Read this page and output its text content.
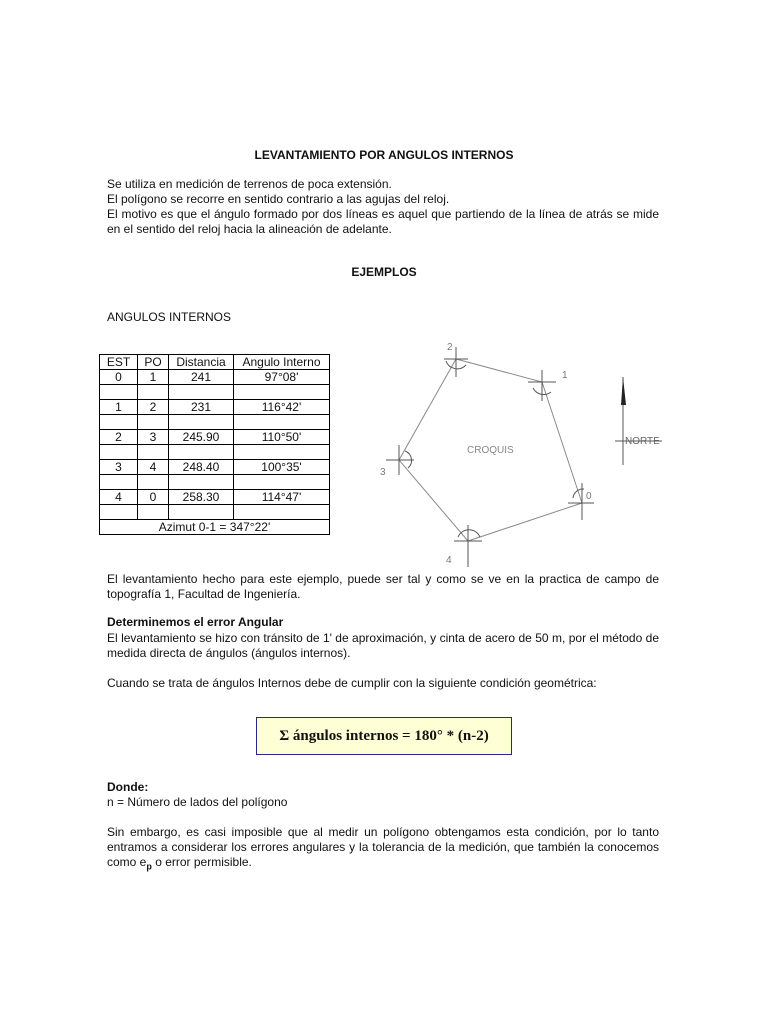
LEVANTAMIENTO POR ANGULOS INTERNOS
Se utiliza en medición de terrenos de poca extensión.
El polígono se recorre en sentido contrario a las agujas del reloj.
El motivo es que el ángulo formado por dos líneas es aquel que partiendo de la línea de atrás se mide en el sentido del reloj hacia la alineación de adelante.
EJEMPLOS
ANGULOS INTERNOS
EST	PO	Distancia	Angulo Interno
0	1	241	97°08'

1	2	231	116°42'

2	3	245.90	110°50'

3	4	248.40	100°35'

4	0	258.30	114°47'

Azimut 0-1 = 347°22'			
CROQUIS
NORTE
2
1
0
4
3
El levantamiento hecho para este ejemplo, puede ser tal y como se ve en la practica de campo de topografía 1, Facultad de Ingeniería.
Determinemos el error Angular
El levantamiento se hizo con tránsito de 1' de aproximación, y cinta de acero de 50 m, por el método de medida directa de ángulos (ángulos internos).
Cuando se trata de ángulos Internos debe de cumplir con la siguiente condición geométrica:
Σ ángulos internos = 180° * (n-2)
Donde:
n = Número de lados del polígono
Sin embargo, es casi imposible que al medir un polígono obtengamos esta condición, por lo tanto entramos a considerar los errores angulares y la tolerancia de la medición, que también la conocemos como $e_p$ o error permisible.
